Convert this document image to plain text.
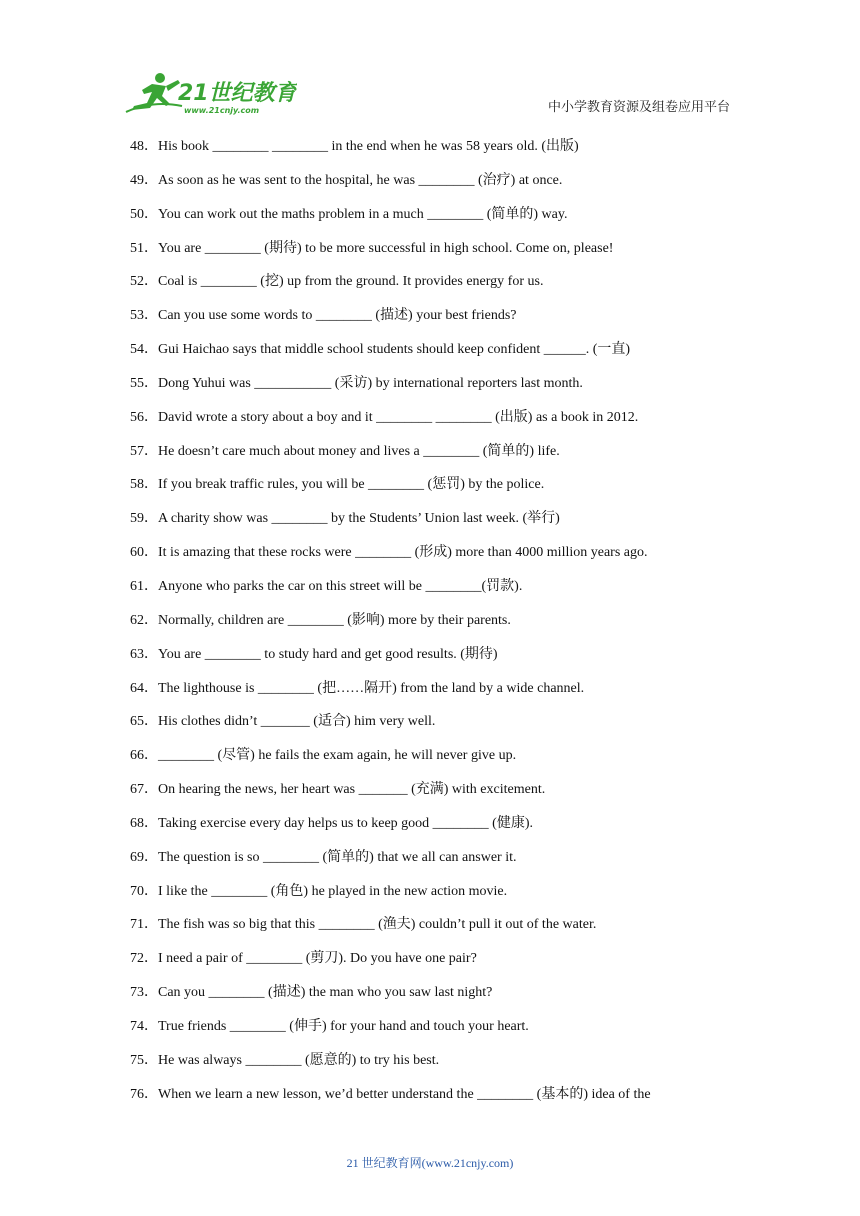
21世纪教育
www.21cnjy.com	中小学教育资源及组卷应用平台
48．His book ________ ________ in the end when he was 58 years old. (出版)
49．As soon as he was sent to the hospital, he was ________ (治疗) at once.
50．You can work out the maths problem in a much ________ (简单的) way.
51．You are ________ (期待) to be more successful in high school. Come on, please!
52．Coal is ________ (挖) up from the ground. It provides energy for us.
53．Can you use some words to ________ (描述) your best friends?
54．Gui Haichao says that middle school students should keep confident ______. (一直)
55．Dong Yuhui was ___________ (采访) by international reporters last month.
56．David wrote a story about a boy and it ________ ________ (出版) as a book in 2012.
57．He doesn’t care much about money and lives a ________ (简单的) life.
58．If you break traffic rules, you will be ________ (惩罚) by the police.
59．A charity show was ________ by the Students’ Union last week. (举行)
60．It is amazing that these rocks were ________ (形成) more than 4000 million years ago.
61．Anyone who parks the car on this street will be ________(罚款).
62．Normally, children are ________ (影响) more by their parents.
63．You are ________ to study hard and get good results. (期待)
64．The lighthouse is ________ (把……隔开) from the land by a wide channel.
65．His clothes didn’t _______ (适合) him very well.
66．________ (尽管) he fails the exam again, he will never give up.
67．On hearing the news, her heart was _______ (充满) with excitement.
68．Taking exercise every day helps us to keep good ________ (健康).
69．The question is so ________ (简单的) that we all can answer it.
70．I like the ________ (角色) he played in the new action movie.
71．The fish was so big that this ________ (渔夫) couldn’t pull it out of the water.
72．I need a pair of ________ (剪刀). Do you have one pair?
73．Can you ________ (描述) the man who you saw last night?
74．True friends ________ (伸手) for your hand and touch your heart.
75．He was always ________ (愿意的) to try his best.
76．When we learn a new lesson, we’d better understand the ________ (基本的) idea of the
21 世纪教育网(www.21cnjy.com)
